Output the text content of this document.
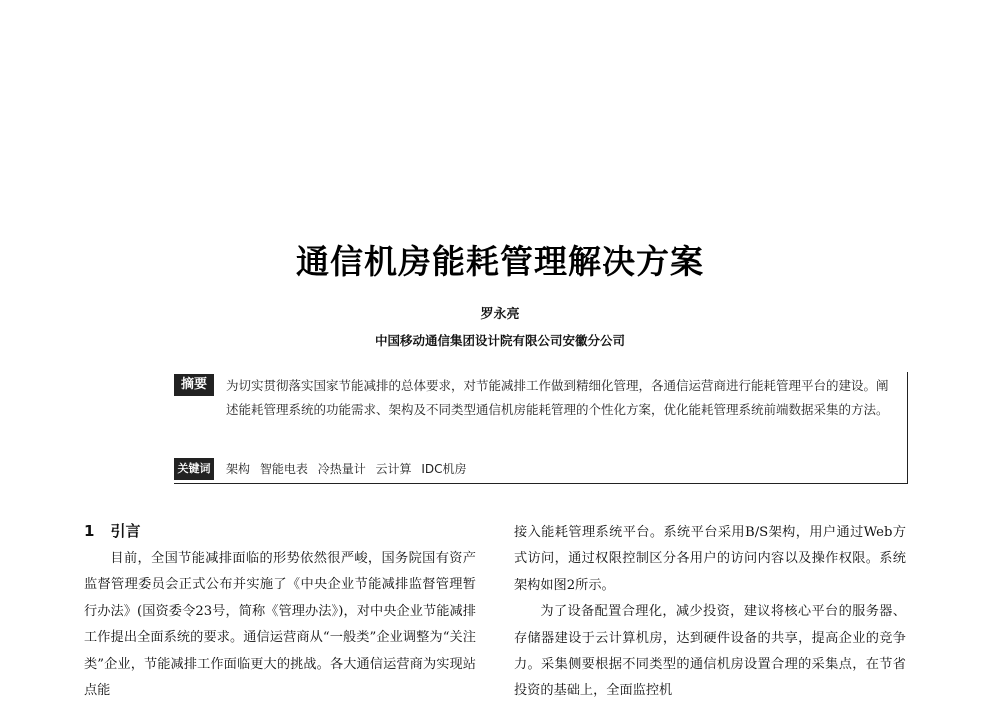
通信机房能耗管理解决方案
罗永亮
中国移动通信集团设计院有限公司安徽分公司
摘要	为切实贯彻落实国家节能减排的总体要求，对节能减排工作做到精细化管理，各通信运营商进行能耗管理平台的建设。阐述能耗管理系统的功能需求、架构及不同类型通信机房能耗管理的个性化方案，优化能耗管理系统前端数据采集的方法。
关键词 架构 智能电表 冷热量计 云计算 IDC机房
1 引言

目前，全国节能减排面临的形势依然很严峻，国务院国有资产监督管理委员会正式公布并实施了《中央企业节能减排监督管理暂行办法》(国资委令23号，简称《管理办法》)，对中央企业节能减排工作提出全面系统的要求。通信运营商从“一般类”企业调整为“关注类”企业，节能减排工作面临更大的挑战。各大通信运营商为实现站点能

接入能耗管理系统平台。系统平台采用B/S架构，用户通过Web方式访问，通过权限控制区分各用户的访问内容以及操作权限。系统架构如图2所示。

为了设备配置合理化，减少投资，建议将核心平台的服务器、存储器建设于云计算机房，达到硬件设备的共享，提高企业的竞争力。采集侧要根据不同类型的通信机房设置合理的采集点，在节省投资的基础上，全面监控机
